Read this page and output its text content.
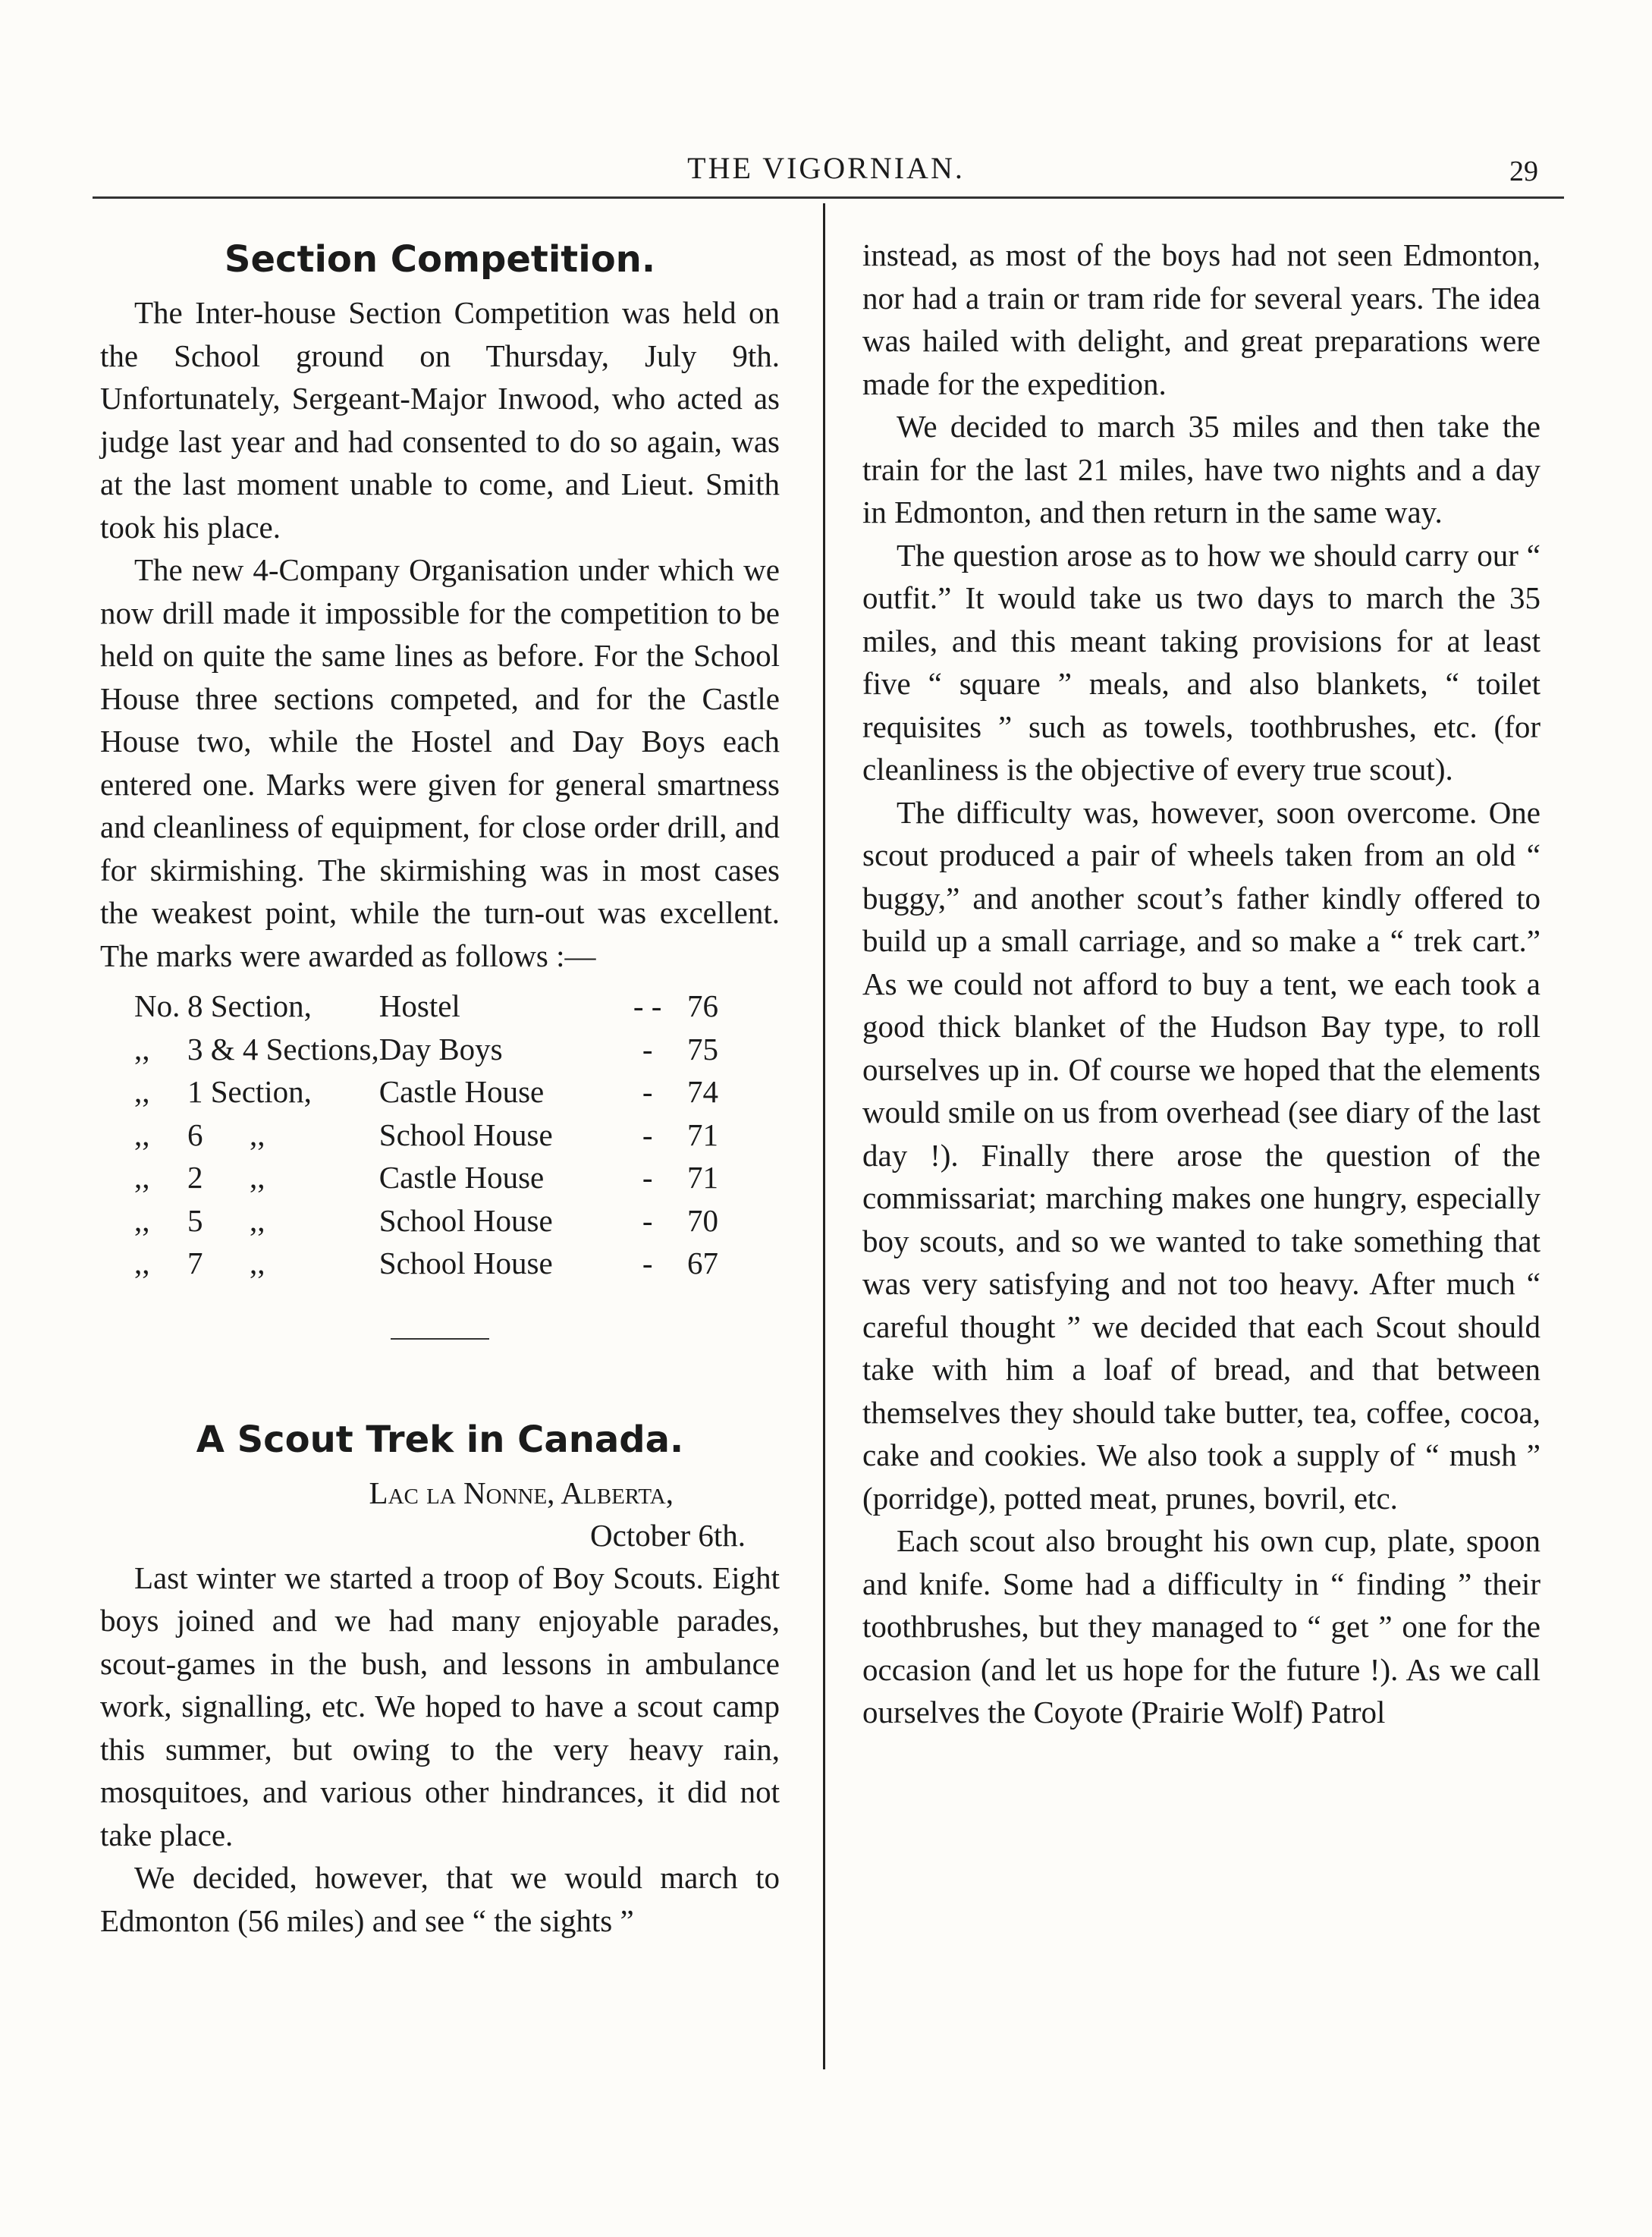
THE VIGORNIAN.	29
Section Competition.

The Inter-house Section Competition was held on the School ground on Thursday, July 9th. Unfortunately, Sergeant-Major Inwood, who acted as judge last year and had consented to do so again, was at the last moment unable to come, and Lieut. Smith took his place.

The new 4-Company Organisation under which we now drill made it impossible for the competition to be held on quite the same lines as before. For the School House three sections competed, and for the Castle House two, while the Hostel and Day Boys each entered one. Marks were given for general smartness and cleanliness of equipment, for close order drill, and for skirmishing. The skirmishing was in most cases the weakest point, while the turn-out was excellent. The marks were awarded as follows :—

No.	8 Section,	Hostel	- -	76
,,	3 & 4 Sections,	Day Boys	-	75
,,	1 Section,	Castle House	-	74
,,	6      ,,	School House	-	71
,,	2      ,,	Castle House	-	71
,,	5      ,,	School House	-	70
,,	7      ,,	School House	-	67
A Scout Trek in Canada.
Lac la Nonne, Alberta,
October 6th.

Last winter we started a troop of Boy Scouts. Eight boys joined and we had many enjoyable parades, scout-games in the bush, and lessons in ambulance work, signalling, etc. We hoped to have a scout camp this summer, but owing to the very heavy rain, mosquitoes, and various other hindrances, it did not take place.

We decided, however, that we would march to Edmonton (56 miles) and see “ the sights ”

instead, as most of the boys had not seen Edmonton, nor had a train or tram ride for several years. The idea was hailed with delight, and great preparations were made for the expedition.

We decided to march 35 miles and then take the train for the last 21 miles, have two nights and a day in Edmonton, and then return in the same way.

The question arose as to how we should carry our “ outfit.” It would take us two days to march the 35 miles, and this meant taking provisions for at least five “ square ” meals, and also blankets, “ toilet requisites ” such as towels, toothbrushes, etc. (for cleanliness is the objective of every true scout).

The difficulty was, however, soon overcome. One scout produced a pair of wheels taken from an old “ buggy,” and another scout’s father kindly offered to build up a small carriage, and so make a “ trek cart.” As we could not afford to buy a tent, we each took a good thick blanket of the Hudson Bay type, to roll ourselves up in. Of course we hoped that the elements would smile on us from overhead (see diary of the last day !). Finally there arose the question of the commissariat; marching makes one hungry, especially boy scouts, and so we wanted to take something that was very satisfying and not too heavy. After much “ careful thought ” we decided that each Scout should take with him a loaf of bread, and that between themselves they should take butter, tea, coffee, cocoa, cake and cookies. We also took a supply of “ mush ” (porridge), potted meat, prunes, bovril, etc.

Each scout also brought his own cup, plate, spoon and knife. Some had a difficulty in “ finding ” their toothbrushes, but they managed to “ get ” one for the occasion (and let us hope for the future !). As we call ourselves the Coyote (Prairie Wolf) Patrol
